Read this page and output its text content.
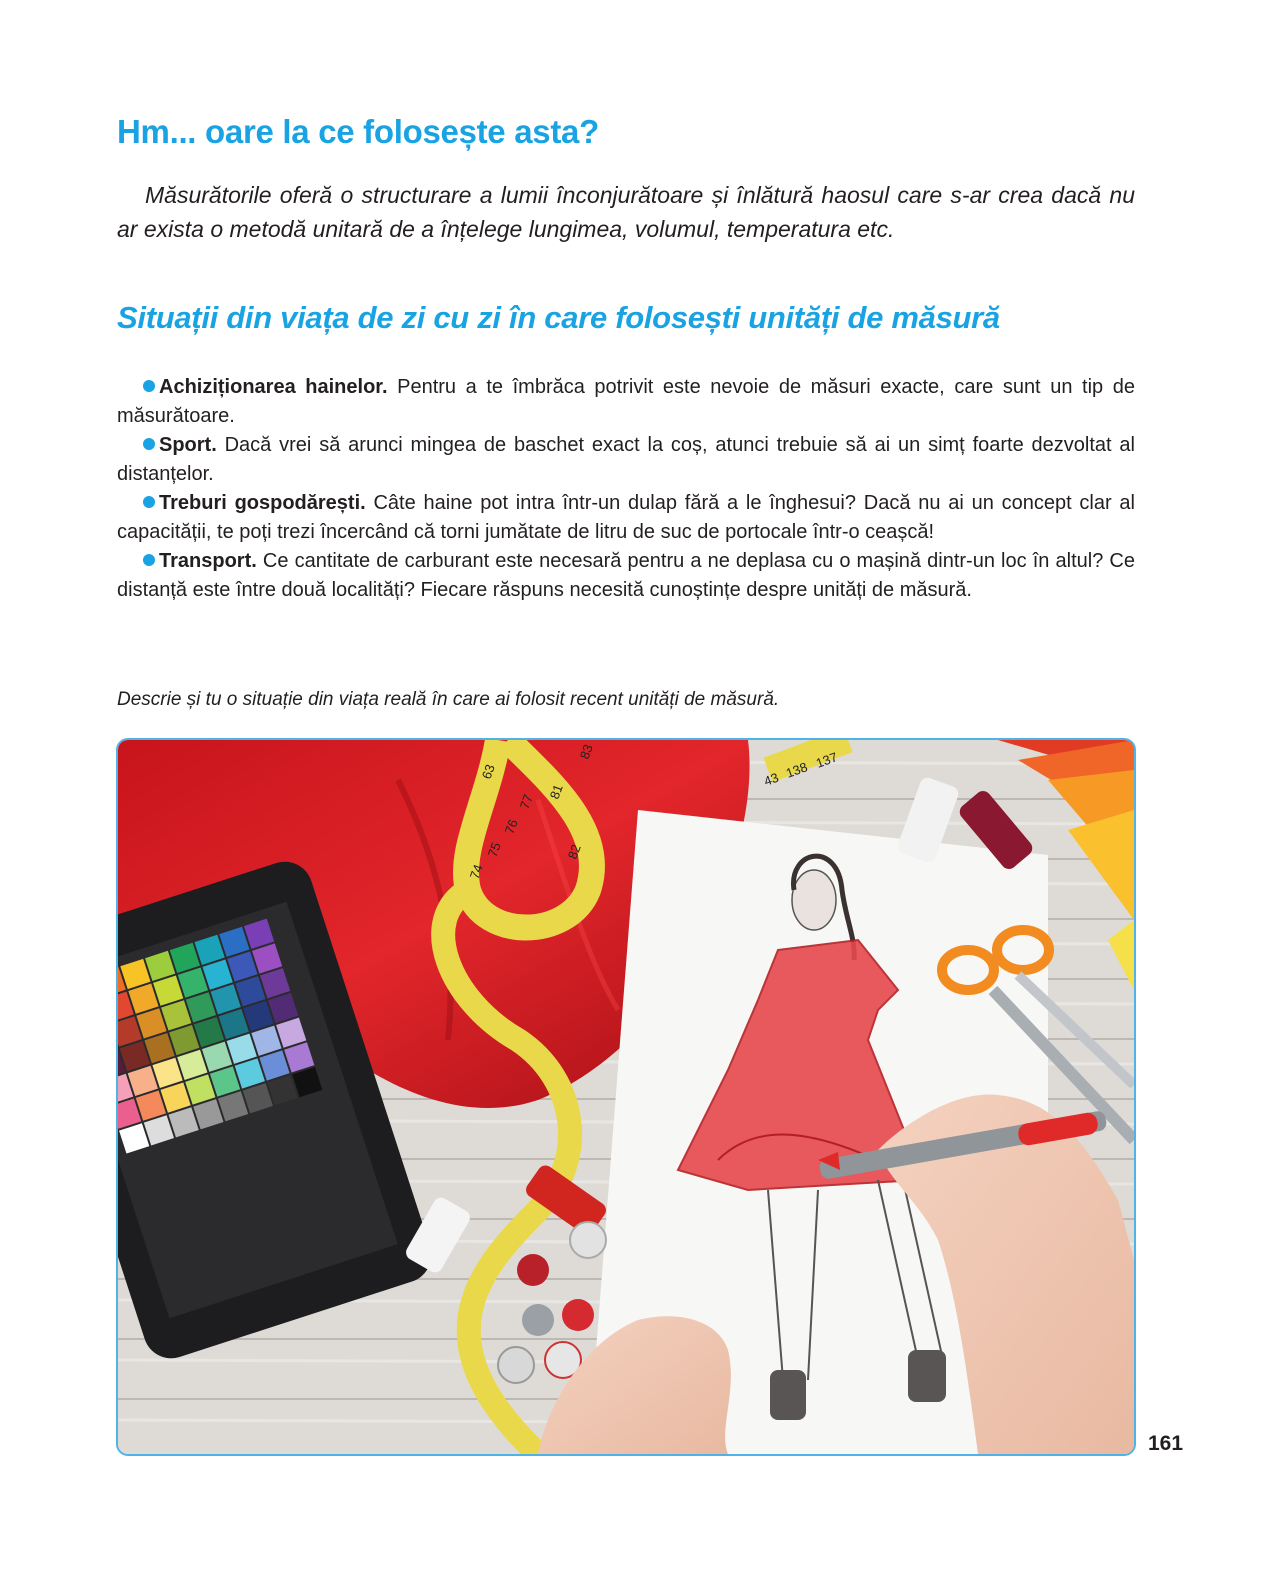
Hm... oare la ce folosește asta?

Măsurătorile oferă o structurare a lumii înconjurătoare și înlătură haosul care s-ar crea dacă nu ar exista o metodă unitară de a înțelege lungimea, volumul, temperatura etc.

Situații din viața de zi cu zi în care folosești unități de măsură

Achiziționarea hainelor. Pentru a te îmbrăca potrivit este nevoie de măsuri exacte, care sunt un tip de măsurătoare.

Sport. Dacă vrei să arunci mingea de baschet exact la coș, atunci trebuie să ai un simț foarte dezvoltat al distanțelor.

Treburi gospodărești. Câte haine pot intra într-un dulap fără a le înghesui? Dacă nu ai un concept clar al capacității, te poți trezi încercând că torni jumătate de litru de suc de portocale într-o ceașcă!

Transport. Ce cantitate de carburant este necesară pentru a ne deplasa cu o mașină dintr-un loc în altul? Ce distanță este între două localități? Fiecare răspuns necesită cunoștințe despre unități de măsură.

Descrie și tu o situație din viața reală în care ai folosit recent unități de măsură.

63
77
76
75
74
81
82
83	137
138
43

161
